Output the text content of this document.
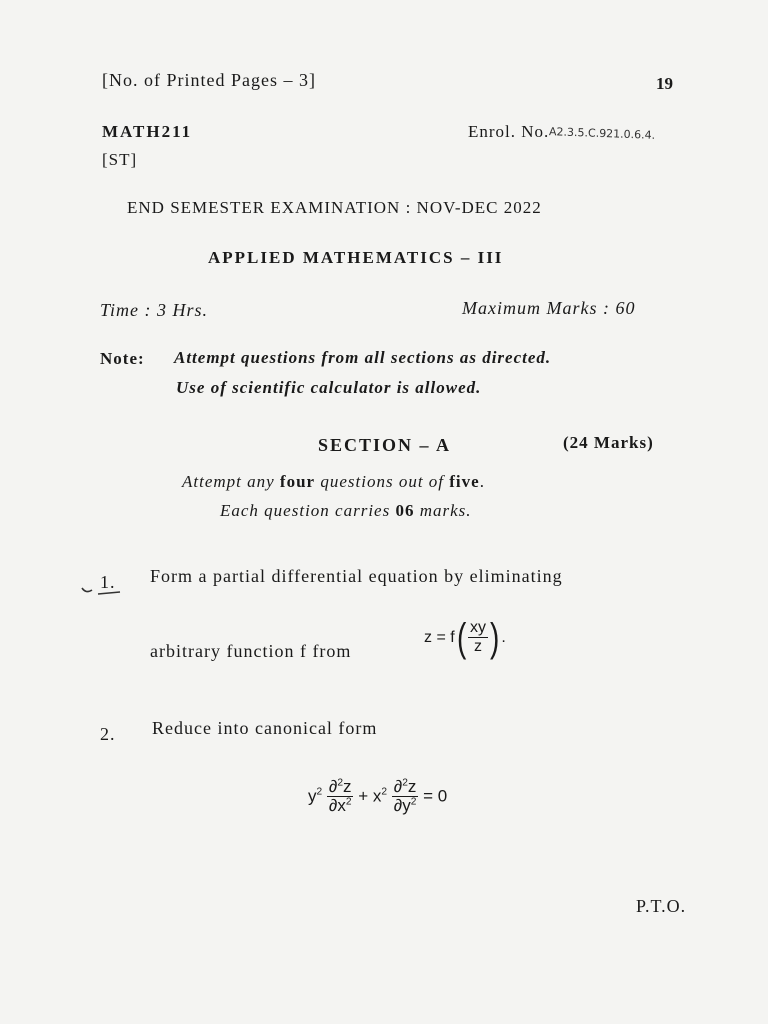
[No. of Printed Pages – 3]	19
MATH211	Enrol. No.A2.3.5.C.921.0.6.4.
[ST]
END SEMESTER EXAMINATION : NOV-DEC 2022
APPLIED MATHEMATICS – III
Time : 3 Hrs.	Maximum Marks : 60
Note: Attempt questions from all sections as directed.
Use of scientific calculator is allowed.
SECTION – A	(24 Marks)
Attempt any four questions out of five.
Each question carries 06 marks.
1. Form a partial differential equation by eliminating
arbitrary function f from
$z = f( \frac{xy}{z}$ ) .
2. Reduce into canonical form
$y^2 \frac{\partial^2z}{\partial x^2} + x^2 \frac{\partial^2z}{\partial y^2} = 0$
P.T.O.
